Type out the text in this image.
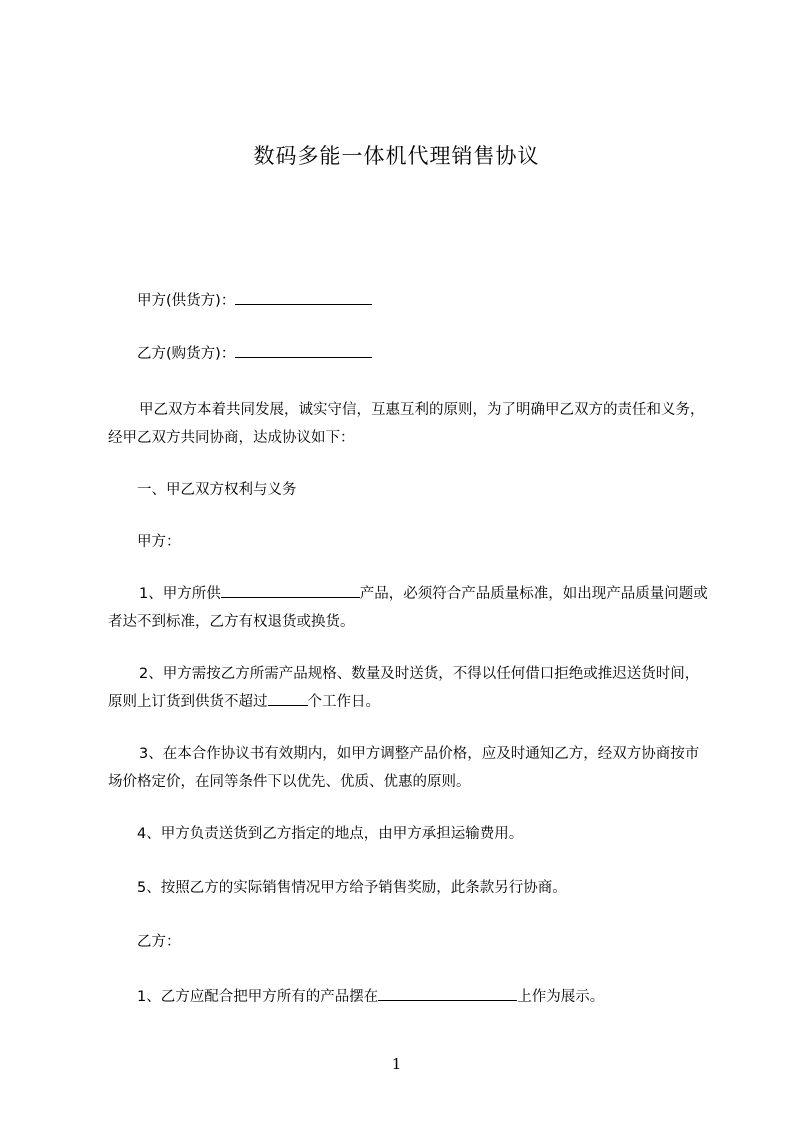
数码多能一体机代理销售协议
甲方(供货方)：
乙方(购货方)：
甲乙双方本着共同发展，诚实守信，互惠互利的原则，为了明确甲乙双方的责任和义务，经甲乙双方共同协商，达成协议如下：
一、甲乙双方权利与义务
甲方：
1、甲方所供	产品，必须符合产品质量标准，如出现产品质量问题或者达不到标准，乙方有权退货或换货。
2、甲方需按乙方所需产品规格、数量及时送货，不得以任何借口拒绝或推迟送货时间，原则上订货到供货不超过	个工作日。
3、在本合作协议书有效期内，如甲方调整产品价格，应及时通知乙方，经双方协商按市场价格定价，在同等条件下以优先、优质、优惠的原则。
4、甲方负责送货到乙方指定的地点，由甲方承担运输费用。
5、按照乙方的实际销售情况甲方给予销售奖励，此条款另行协商。
乙方：
1、乙方应配合把甲方所有的产品摆在	上作为展示。
1
